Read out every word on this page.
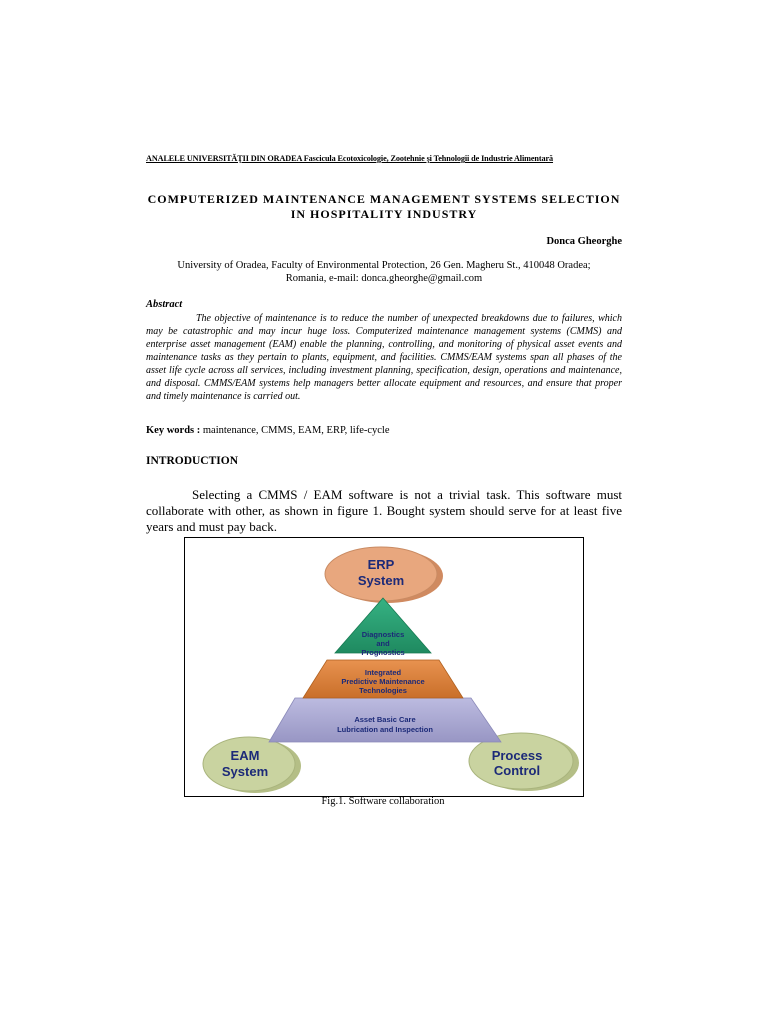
ANALELE UNIVERSITĂŢII DIN ORADEA Fascicula Ecotoxicologie, Zootehnie şi Tehnologii de Industrie Alimentară
COMPUTERIZED MAINTENANCE MANAGEMENT SYSTEMS SELECTION
IN HOSPITALITY INDUSTRY
Donca Gheorghe
University of Oradea, Faculty of Environmental Protection, 26 Gen. Magheru St., 410048 Oradea;
Romania, e-mail: donca.gheorghe@gmail.com
Abstract
The objective of maintenance is to reduce the number of unexpected breakdowns due to failures, which may be catastrophic and may incur huge loss. Computerized maintenance management systems (CMMS) and enterprise asset management (EAM) enable the planning, controlling, and monitoring of physical asset events and maintenance tasks as they pertain to plants, equipment, and facilities. CMMS/EAM systems span all phases of the asset life cycle across all services, including investment planning, specification, design, operations and maintenance, and disposal. CMMS/EAM systems help managers better allocate equipment and resources, and ensure that proper and timely maintenance is carried out.
Key words : maintenance, CMMS, EAM, ERP, life-cycle
INTRODUCTION
Selecting a CMMS / EAM software is not a trivial task. This software must collaborate with other, as shown in figure 1. Bought system should serve for at least five years and must pay back.
ERP
System
EAM
System
Process
Control
Asset Basic Care
Lubrication and Inspection
Integrated
Predictive Maintenance
Technologies
Diagnostics
and
Prognostics
Fig.1. Software collaboration
